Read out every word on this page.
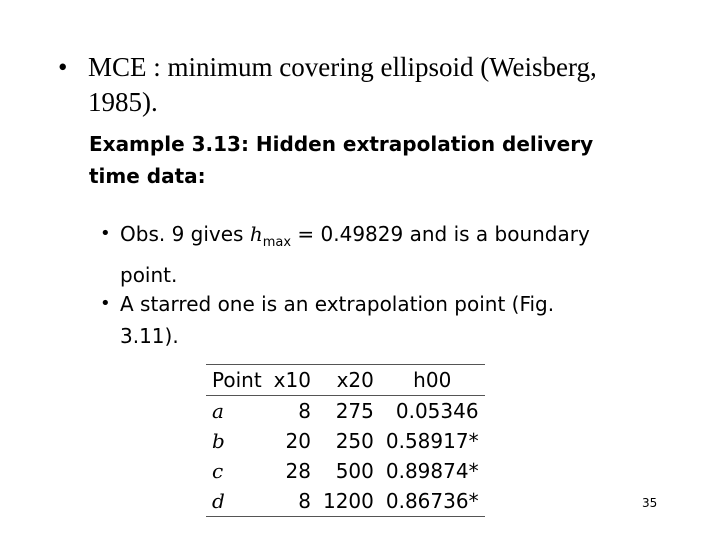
• MCE : minimum covering ellipsoid (Weisberg, 1985).
Example 3.13: Hidden extrapolation delivery time data:
• Obs. 9 gives $h_{max} = 0.49829$ and is a boundary point.
• A starred one is an extrapolation point (Fig. 3.11).
Point	x10	x20	h00
a	8	275	0.05346
b	20	250	0.58917*
c	28	500	0.89874*
d	8	1200	0.86736*	35
